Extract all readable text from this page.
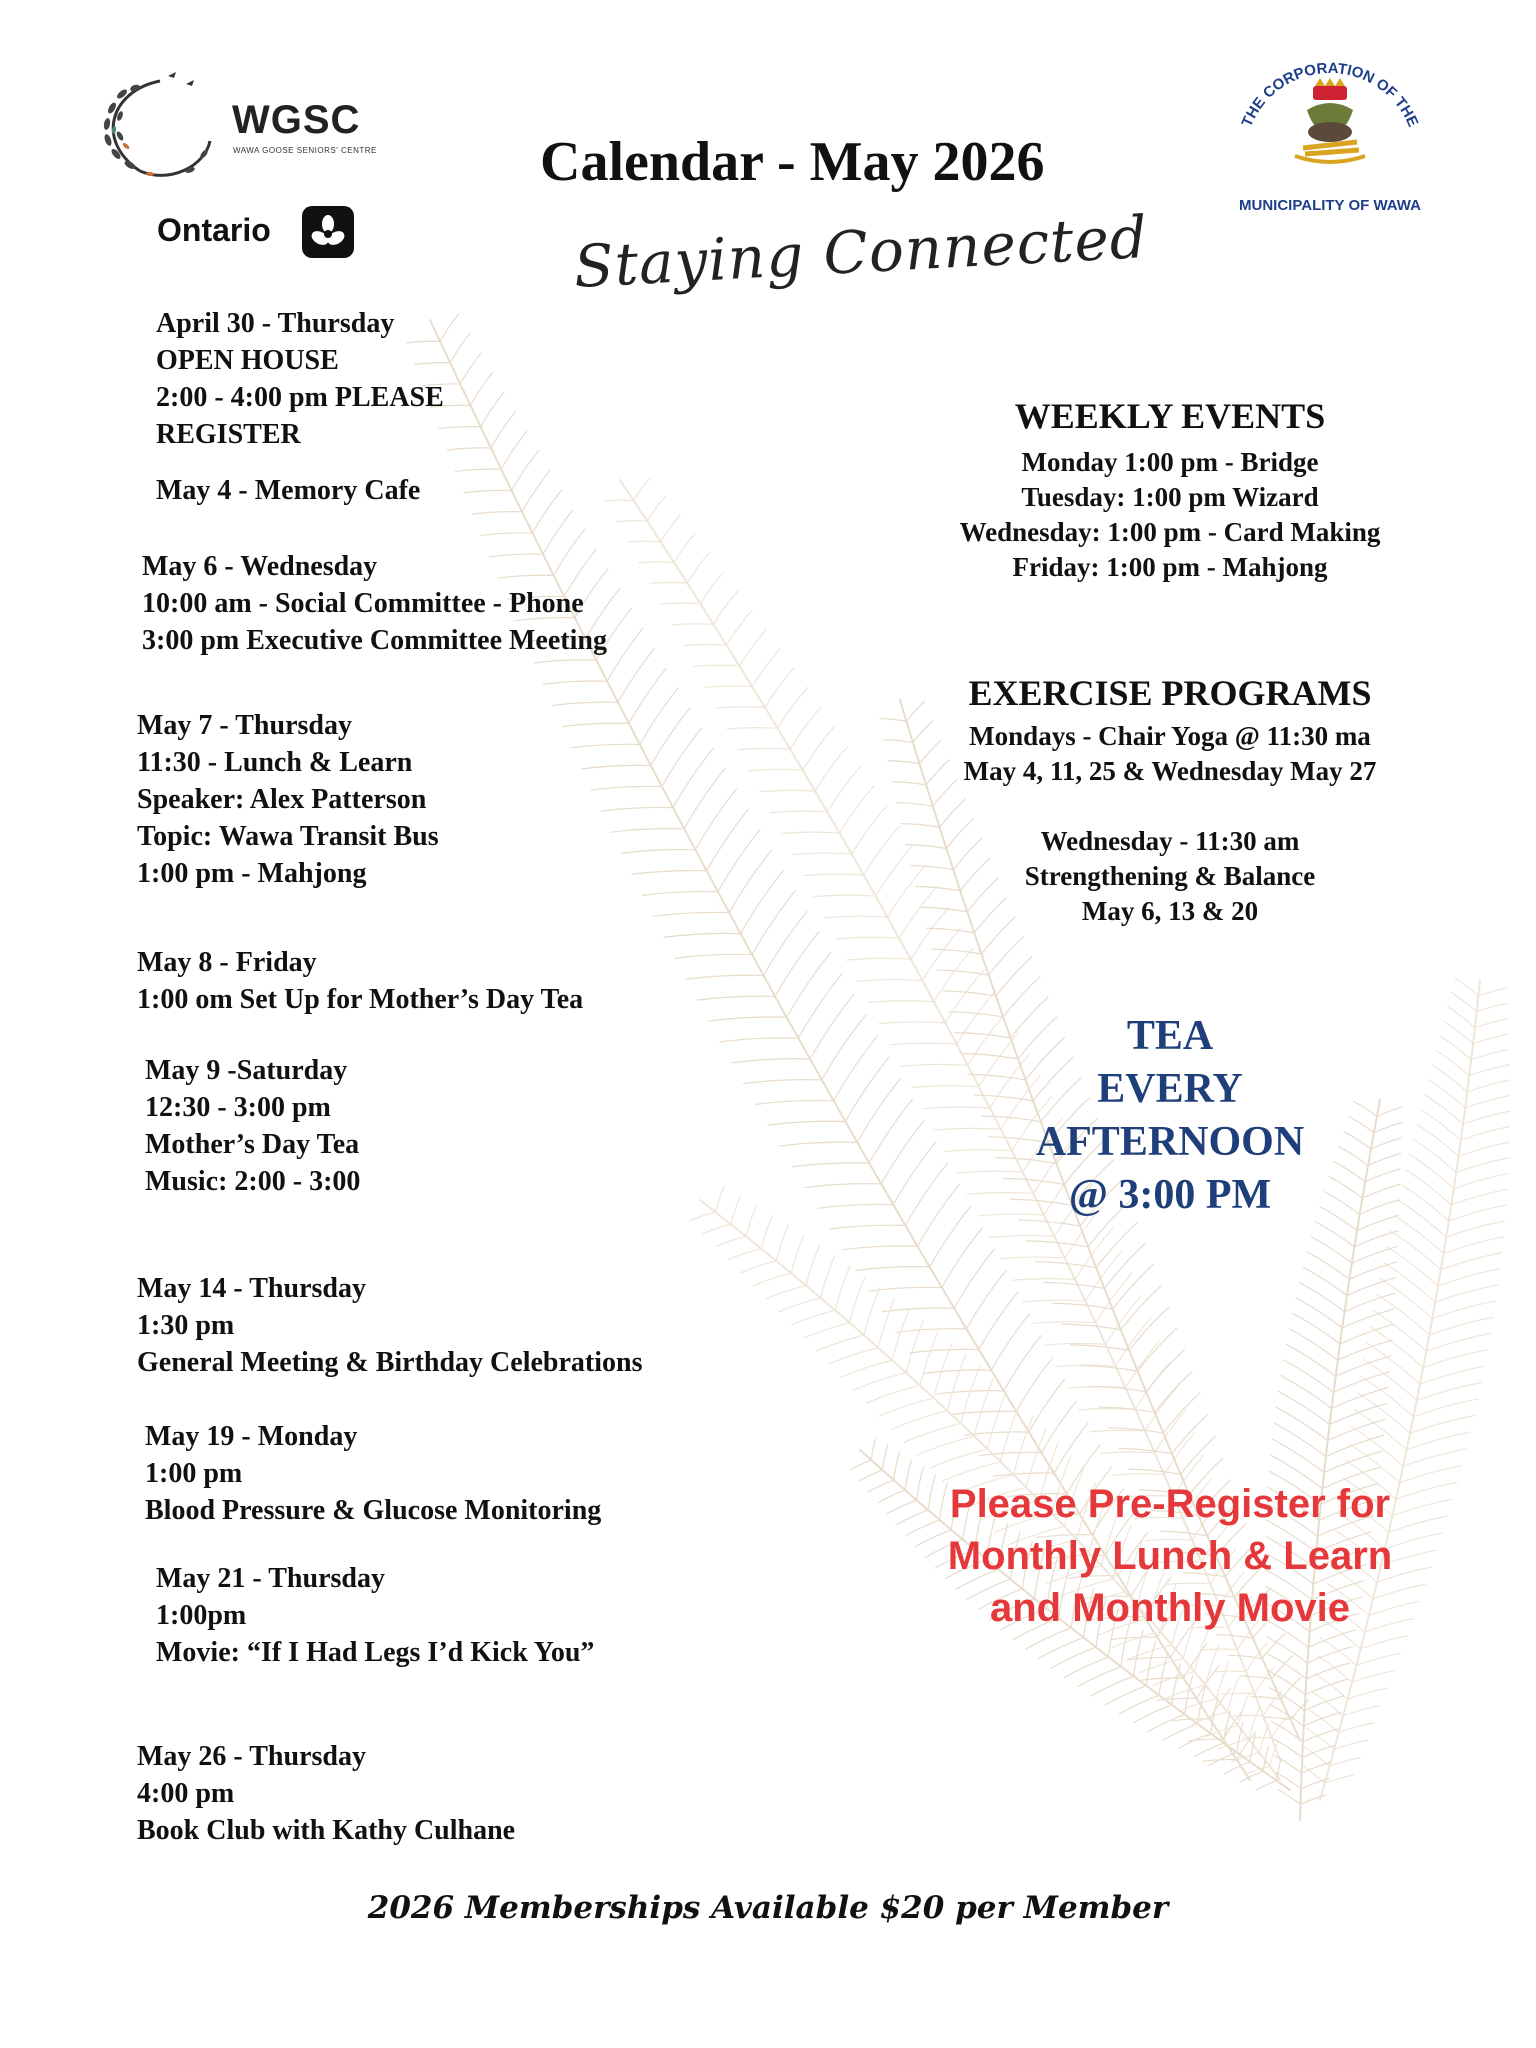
WGSC
WAWA GOOSE SENIORS' CENTRE
Ontario
Calendar - May 2026
Staying Connected
THE CORPORATION OF THE
MUNICIPALITY OF WAWA
April 30 - Thursday
OPEN HOUSE
2:00 - 4:00 pm PLEASE
REGISTER
May 4 - Memory Cafe
May 6 - Wednesday
10:00 am - Social Committee - Phone
3:00 pm Executive Committee Meeting
May 7 - Thursday
11:30 - Lunch & Learn
Speaker: Alex Patterson
Topic: Wawa Transit Bus
1:00 pm - Mahjong
May 8 - Friday
1:00 om Set Up for Mother’s Day Tea
May 9 -Saturday
12:30 - 3:00 pm
Mother’s Day Tea
Music: 2:00 - 3:00
May 14 - Thursday
1:30 pm
General Meeting & Birthday Celebrations
May 19 - Monday
1:00 pm
Blood Pressure & Glucose Monitoring
May 21 - Thursday
1:00pm
Movie: “If I Had Legs I’d Kick You”
May 26 - Thursday
4:00 pm
Book Club with Kathy Culhane
WEEKLY EVENTS
Monday 1:00 pm - Bridge
Tuesday: 1:00 pm Wizard
Wednesday: 1:00 pm - Card Making
Friday: 1:00 pm - Mahjong
EXERCISE PROGRAMS
Mondays - Chair Yoga @ 11:30 ma
May 4, 11, 25 & Wednesday May 27

Wednesday - 11:30 am
Strengthening & Balance
May 6, 13 & 20
TEA
EVERY
AFTERNOON
@ 3:00 PM
Please Pre-Register for
Monthly Lunch & Learn
and Monthly Movie
2026 Memberships Available $20 per Member
